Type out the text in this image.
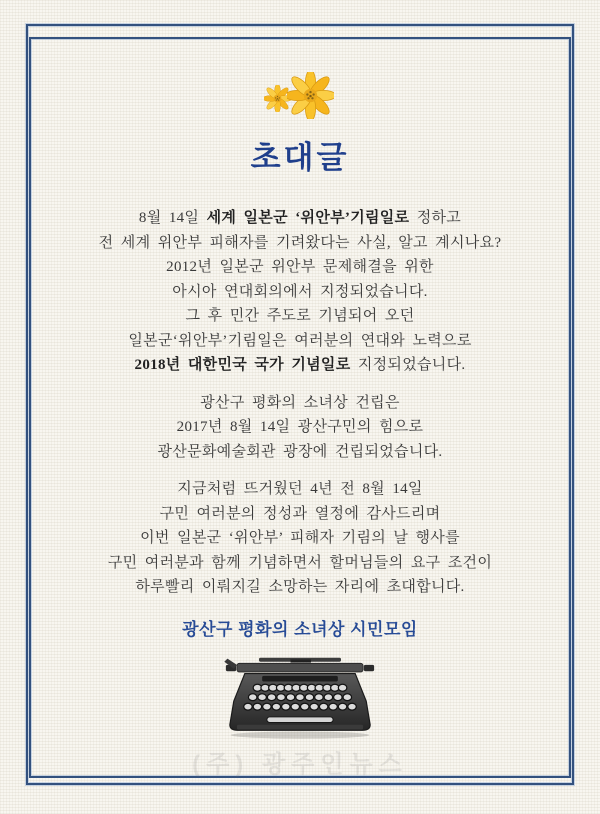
초대글
8월 14일 세계 일본군 ‘위안부’기림일로 정하고
전 세계 위안부 피해자를 기려왔다는 사실, 알고 계시나요?
2012년 일본군 위안부 문제해결을 위한
아시아 연대회의에서 지정되었습니다.
그 후 민간 주도로 기념되어 오던
일본군‘위안부’기림일은 여러분의 연대와 노력으로
2018년 대한민국 국가 기념일로 지정되었습니다.
광산구 평화의 소녀상 건립은
2017년 8월 14일 광산구민의 힘으로
광산문화예술회관 광장에 건립되었습니다.
지금처럼 뜨거웠던 4년 전 8월 14일
구민 여러분의 정성과 열정에 감사드리며
이번 일본군 ‘위안부’ 피해자 기림의 날 행사를
구민 여러분과 함께 기념하면서 할머님들의 요구 조건이
하루빨리 이뤄지길 소망하는 자리에 초대합니다.
광산구 평화의 소녀상 시민모임
(주) 광주인뉴스
